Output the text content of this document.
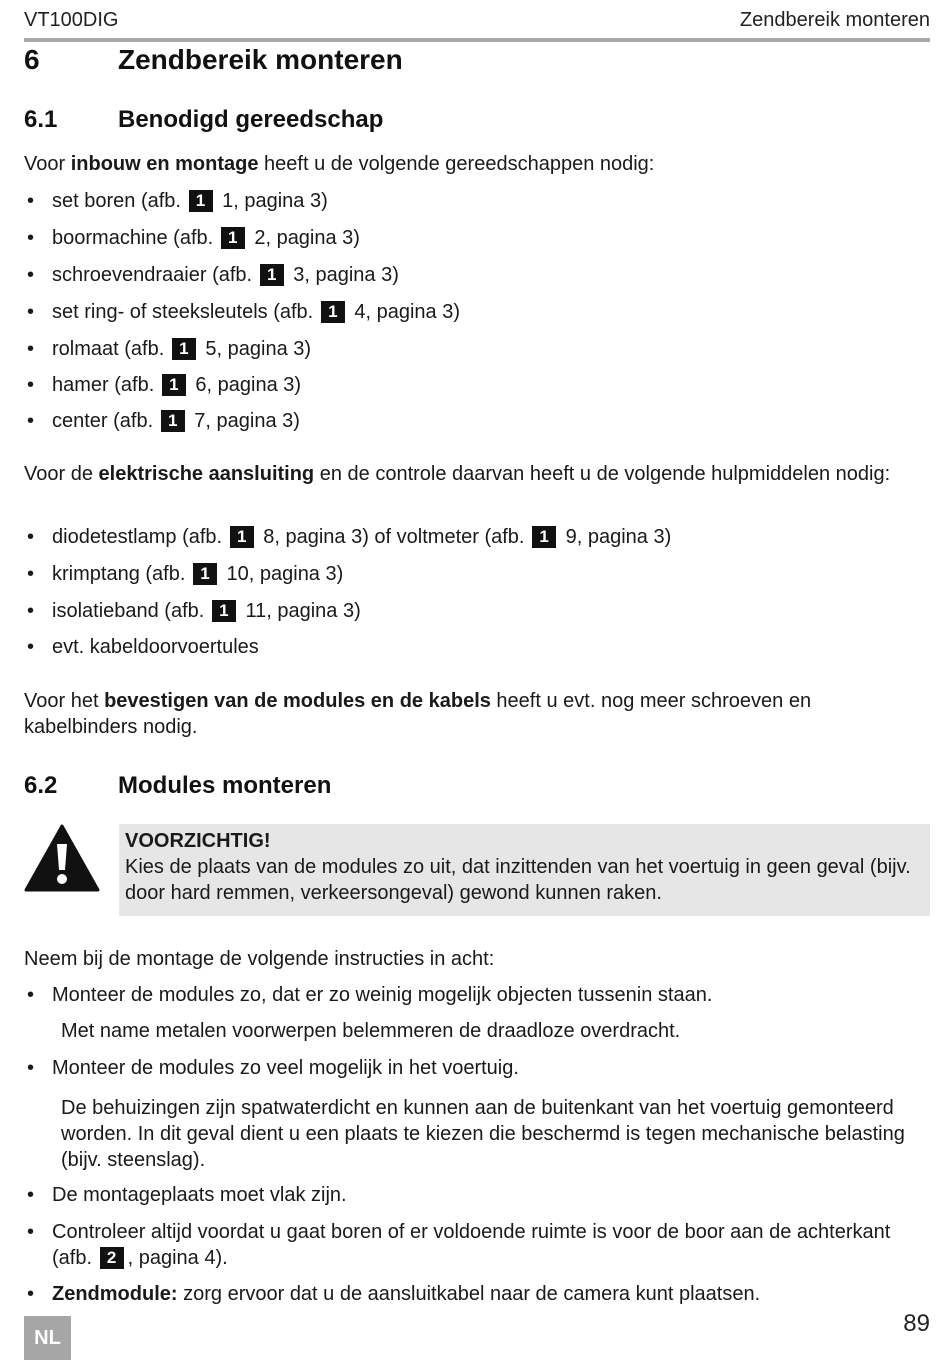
VT100DIG	Zendbereik monteren
6	Zendbereik monteren
6.1	Benodigd gereedschap
Voor inbouw en montage heeft u de volgende gereedschappen nodig:
• set boren (afb. 1 1, pagina 3)
• boormachine (afb. 1 2, pagina 3)
• schroevendraaier (afb. 1 3, pagina 3)
• set ring- of steeksleutels (afb. 1 4, pagina 3)
• rolmaat (afb. 1 5, pagina 3)
• hamer (afb. 1 6, pagina 3)
• center (afb. 1 7, pagina 3)
Voor de elektrische aansluiting en de controle daarvan heeft u de volgende hulpmiddelen nodig:
• diodetestlamp (afb. 1 8, pagina 3) of voltmeter (afb. 1 9, pagina 3)
• krimptang (afb. 1 10, pagina 3)
• isolatieband (afb. 1 11, pagina 3)
• evt. kabeldoorvoertules
Voor het bevestigen van de modules en de kabels heeft u evt. nog meer schroeven en kabelbinders nodig.
6.2	Modules monteren
VOORZICHTIG!
Kies de plaats van de modules zo uit, dat inzittenden van het voertuig in geen geval (bijv. door hard remmen, verkeersongeval) gewond kunnen raken.
Neem bij de montage de volgende instructies in acht:
• Monteer de modules zo, dat er zo weinig mogelijk objecten tussenin staan.
Met name metalen voorwerpen belemmeren de draadloze overdracht.
• Monteer de modules zo veel mogelijk in het voertuig.
De behuizingen zijn spatwaterdicht en kunnen aan de buitenkant van het voertuig gemonteerd worden. In dit geval dient u een plaats te kiezen die beschermd is tegen mechanische belasting (bijv. steenslag).
• De montageplaats moet vlak zijn.
• Controleer altijd voordat u gaat boren of er voldoende ruimte is voor de boor aan de achterkant (afb. 2 , pagina 4).
• Zendmodule: zorg ervoor dat u de aansluitkabel naar de camera kunt plaatsen.
NL
89
